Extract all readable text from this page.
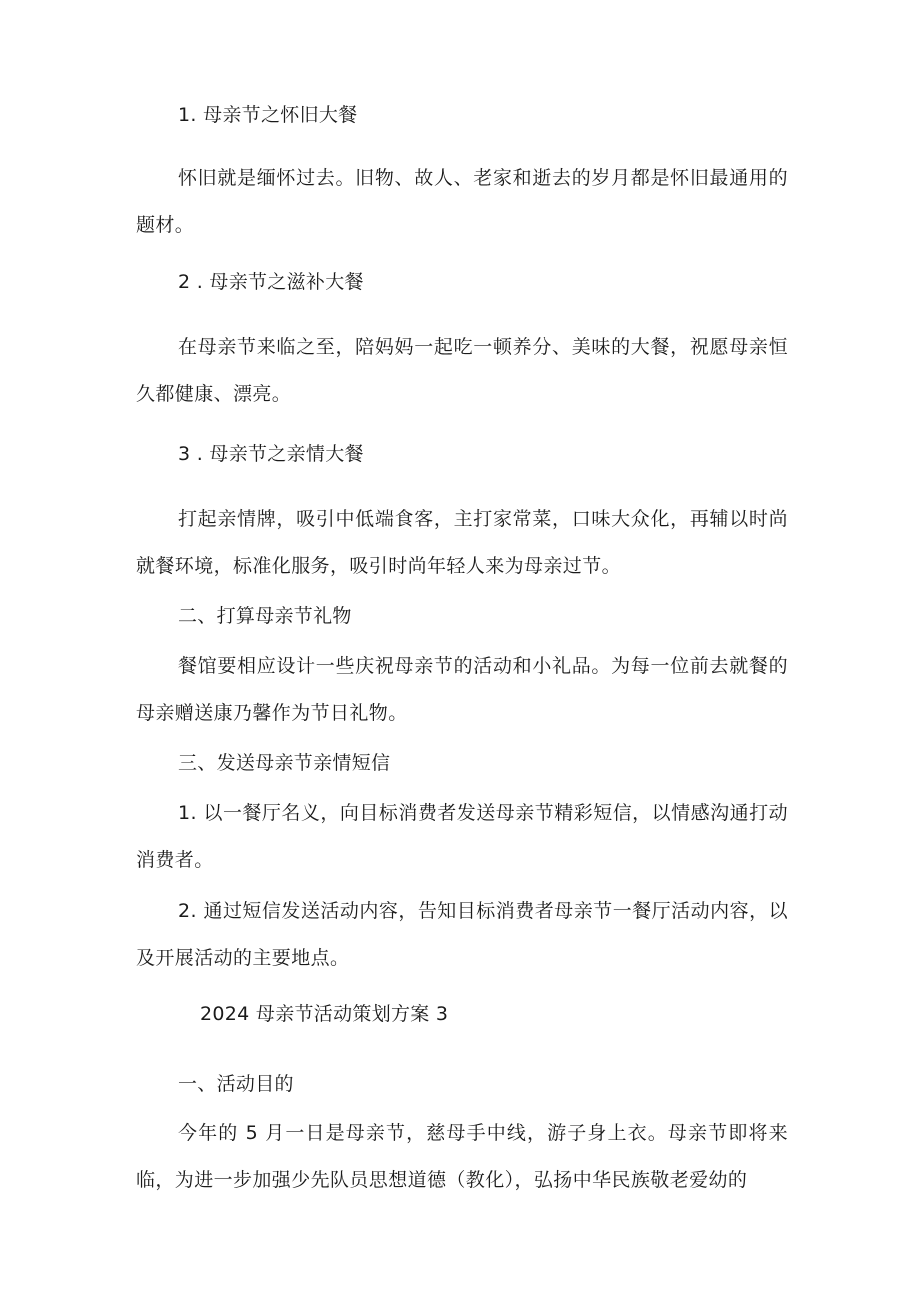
1. 母亲节之怀旧大餐
怀旧就是缅怀过去。旧物、故人、老家和逝去的岁月都是怀旧最通用的题材。
2 . 母亲节之滋补大餐
在母亲节来临之至，陪妈妈一起吃一顿养分、美味的大餐，祝愿母亲恒久都健康、漂亮。
3 . 母亲节之亲情大餐
打起亲情牌，吸引中低端食客，主打家常菜，口味大众化，再辅以时尚就餐环境，标准化服务，吸引时尚年轻人来为母亲过节。
二、打算母亲节礼物
餐馆要相应设计一些庆祝母亲节的活动和小礼品。为每一位前去就餐的母亲赠送康乃馨作为节日礼物。
三、发送母亲节亲情短信
1. 以一餐厅名义，向目标消费者发送母亲节精彩短信，以情感沟通打动消费者。
2. 通过短信发送活动内容，告知目标消费者母亲节一餐厅活动内容，以及开展活动的主要地点。
2024 母亲节活动策划方案 3
一、活动目的
今年的 5 月一日是母亲节，慈母手中线，游子身上衣。母亲节即将来临，为进一步加强少先队员思想道德（教化），弘扬中华民族敬老爱幼的
